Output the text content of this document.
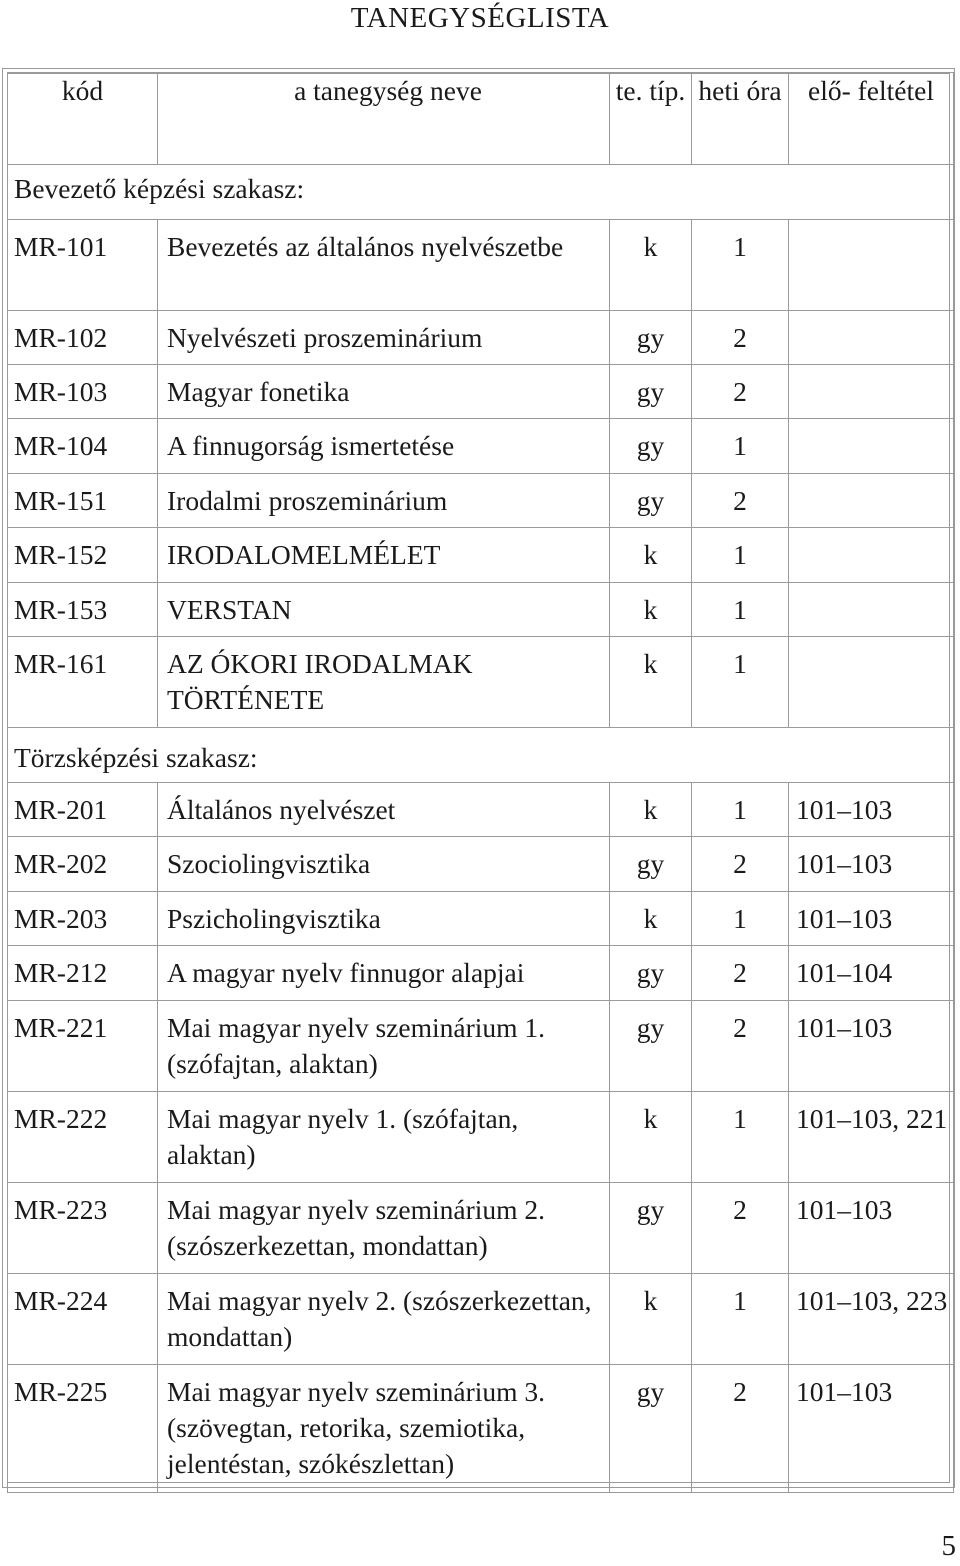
TANEGYSÉGLISTA
kód	a tanegység neve	te. típ.	heti óra	elő- feltétel
Bevezető képzési szakasz:				
MR-101	Bevezetés az általános nyelvészetbe	k	1	
MR-102	Nyelvészeti proszeminárium	gy	2	
MR-103	Magyar fonetika	gy	2	
MR-104	A finnugorság ismertetése	gy	1	
MR-151	Irodalmi proszeminárium	gy	2	
MR-152	IRODALOMELMÉLET	k	1	
MR-153	VERSTAN	k	1	
MR-161	AZ ÓKORI IRODALMAK TÖRTÉNETE	k	1	
Törzsképzési szakasz:				
MR-201	Általános nyelvészet	k	1	101–103
MR-202	Szociolingvisztika	gy	2	101–103
MR-203	Pszicholingvisztika	k	1	101–103
MR-212	A magyar nyelv finnugor alapjai	gy	2	101–104
MR-221	Mai magyar nyelv szeminárium 1. (szófajtan, alaktan)	gy	2	101–103
MR-222	Mai magyar nyelv 1. (szófajtan, alaktan)	k	1	101–103, 221
MR-223	Mai magyar nyelv szeminárium 2. (szószerkezettan, mondattan)	gy	2	101–103
MR-224	Mai magyar nyelv 2. (szószerkezettan, mondattan)	k	1	101–103, 223
MR-225	Mai magyar nyelv szeminárium 3. (szövegtan, retorika, szemiotika, jelentéstan, szókészlettan)	gy	2	101–103
5
